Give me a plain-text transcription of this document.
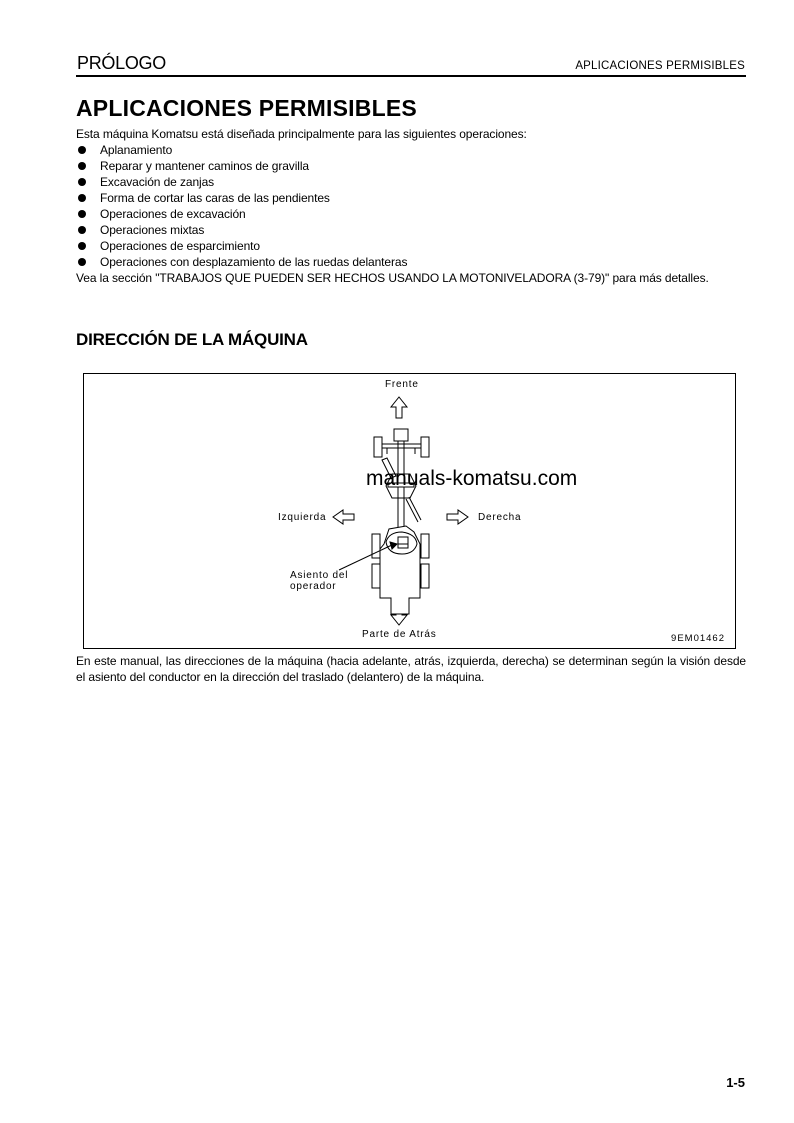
PRÓLOGO	APLICACIONES PERMISIBLES
APLICACIONES PERMISIBLES
Esta máquina Komatsu está diseñada principalmente para las siguientes operaciones:
Aplanamiento
Reparar y mantener caminos de gravilla
Excavación de zanjas
Forma de cortar las caras de las pendientes
Operaciones de excavación
Operaciones mixtas
Operaciones de esparcimiento
Operaciones con desplazamiento de las ruedas delanteras
Vea la sección "TRABAJOS QUE PUEDEN SER HECHOS USANDO LA MOTONIVELADORA (3-79)" para más detalles.
DIRECCIÓN DE LA MÁQUINA
Frente
Izquierda	Derecha
Asiento del
operador
Parte de Atrás	9EM01462
manuals-komatsu.com
En este manual, las direcciones de la máquina (hacia adelante, atrás, izquierda, derecha) se determinan según la visión desde el asiento del conductor en la dirección del traslado (delantero) de la máquina.
1-5
